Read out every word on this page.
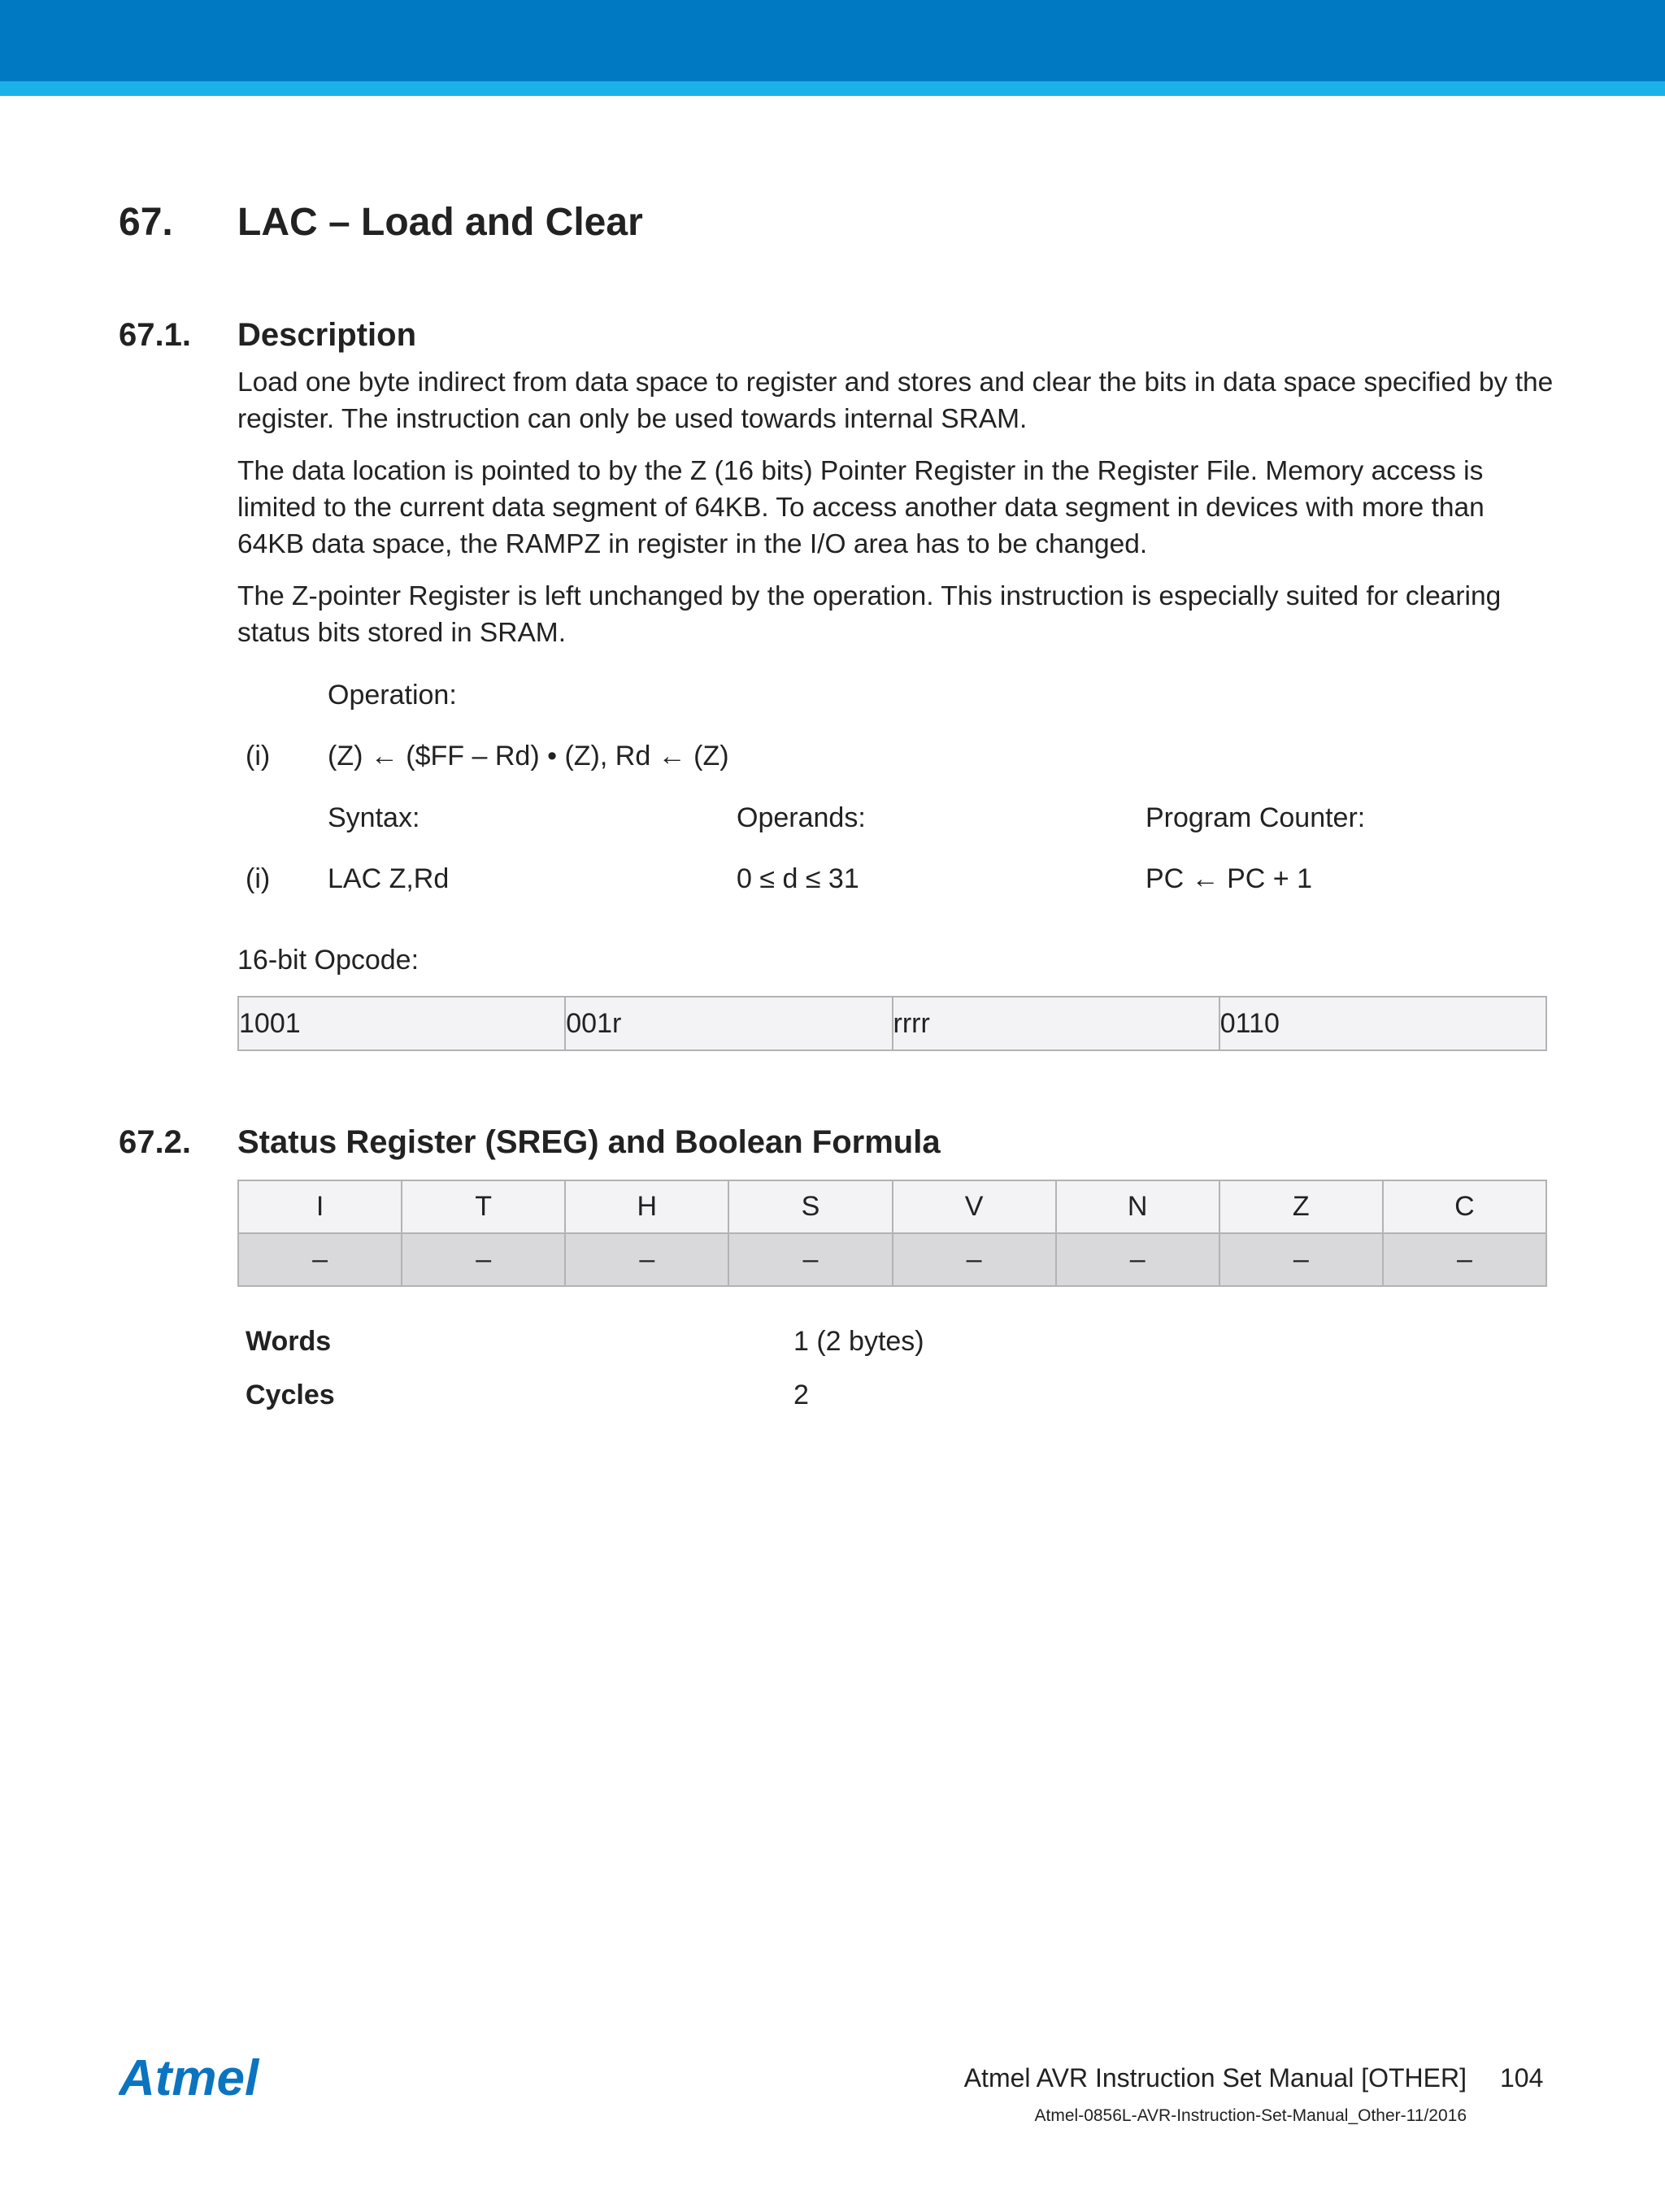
67. LAC – Load and Clear
67.1. Description

Load one byte indirect from data space to register and stores and clear the bits in data space specified by the register. The instruction can only be used towards internal SRAM.

The data location is pointed to by the Z (16 bits) Pointer Register in the Register File. Memory access is limited to the current data segment of 64KB. To access another data segment in devices with more than 64KB data space, the RAMPZ in register in the I/O area has to be changed.

The Z-pointer Register is left unchanged by the operation. This instruction is especially suited for clearing status bits stored in SRAM.

Operation:
(i) (Z) ← ($FF – Rd) • (Z), Rd ← (Z)
Syntax:	Operands:	Program Counter:
(i) LAC Z,Rd	0 ≤ d ≤ 31	PC ← PC + 1
16-bit Opcode:
1001	001r	rrrr	0110
67.2. Status Register (SREG) and Boolean Formula
I	T	H	S	V	N	Z	C
–	–	–	–	–	–	–	–
Words	1 (2 bytes)
Cycles	2
Atmel	Atmel AVR Instruction Set Manual [OTHER] 104
Atmel-0856L-AVR-Instruction-Set-Manual_Other-11/2016
